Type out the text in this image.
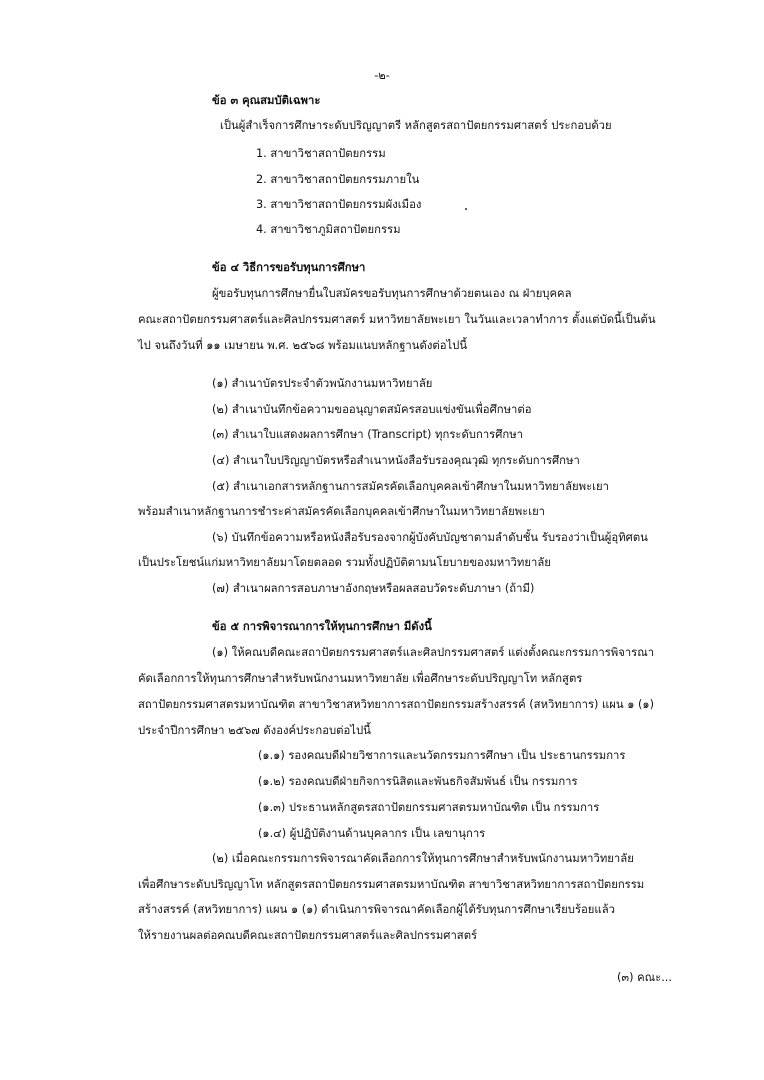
-๒-
ข้อ ๓ คุณสมบัติเฉพาะ
เป็นผู้สำเร็จการศึกษาระดับปริญญาตรี หลักสูตรสถาปัตยกรรมศาสตร์ ประกอบด้วย
1. สาขาวิชาสถาปัตยกรรม
2. สาขาวิชาสถาปัตยกรรมภายใน
3. สาขาวิชาสถาปัตยกรรมผังเมือง
4. สาขาวิชาภูมิสถาปัตยกรรม
ข้อ ๔ วิธีการขอรับทุนการศึกษา
ผู้ขอรับทุนการศึกษายื่นใบสมัครขอรับทุนการศึกษาด้วยตนเอง ณ ฝ่ายบุคคล
คณะสถาปัตยกรรมศาสตร์และศิลปกรรมศาสตร์ มหาวิทยาลัยพะเยา ในวันและเวลาทำการ ตั้งแต่บัดนี้เป็นต้น
ไป จนถึงวันที่ ๑๑ เมษายน พ.ศ. ๒๕๖๘ พร้อมแนบหลักฐานดังต่อไปนี้
(๑) สำเนาบัตรประจำตัวพนักงานมหาวิทยาลัย
(๒) สำเนาบันทึกข้อความขออนุญาตสมัครสอบแข่งขันเพื่อศึกษาต่อ
(๓) สำเนาใบแสดงผลการศึกษา (Transcript) ทุกระดับการศึกษา
(๔) สำเนาใบปริญญาบัตรหรือสำเนาหนังสือรับรองคุณวุฒิ ทุกระดับการศึกษา
(๕) สำเนาเอกสารหลักฐานการสมัครคัดเลือกบุคคลเข้าศึกษาในมหาวิทยาลัยพะเยา
พร้อมสำเนาหลักฐานการชำระค่าสมัครคัดเลือกบุคคลเข้าศึกษาในมหาวิทยาลัยพะเยา
(๖) บันทึกข้อความหรือหนังสือรับรองจากผู้บังคับบัญชาตามลำดับชั้น รับรองว่าเป็นผู้อุทิศตน
เป็นประโยชน์แก่มหาวิทยาลัยมาโดยตลอด รวมทั้งปฏิบัติตามนโยบายของมหาวิทยาลัย
(๗) สำเนาผลการสอบภาษาอังกฤษหรือผลสอบวัดระดับภาษา (ถ้ามี)
ข้อ ๕ การพิจารณาการให้ทุนการศึกษา มีดังนี้
(๑) ให้คณบดีคณะสถาปัตยกรรมศาสตร์และศิลปกรรมศาสตร์ แต่งตั้งคณะกรรมการพิจารณา
คัดเลือกการให้ทุนการศึกษาสำหรับพนักงานมหาวิทยาลัย เพื่อศึกษาระดับปริญญาโท หลักสูตร
สถาปัตยกรรมศาสตรมหาบัณฑิต สาขาวิชาสหวิทยาการสถาปัตยกรรมสร้างสรรค์ (สหวิทยาการ) แผน ๑ (๑)
ประจำปีการศึกษา ๒๕๖๗ ดังองค์ประกอบต่อไปนี้
(๑.๑) รองคณบดีฝ่ายวิชาการและนวัตกรรมการศึกษา เป็น ประธานกรรมการ
(๑.๒) รองคณบดีฝ่ายกิจการนิสิตและพันธกิจสัมพันธ์ เป็น กรรมการ
(๑.๓) ประธานหลักสูตรสถาปัตยกรรมศาสตรมหาบัณฑิต เป็น กรรมการ
(๑.๔) ผู้ปฏิบัติงานด้านบุคลากร เป็น เลขานุการ
(๒) เมื่อคณะกรรมการพิจารณาคัดเลือกการให้ทุนการศึกษาสำหรับพนักงานมหาวิทยาลัย
เพื่อศึกษาระดับปริญญาโท หลักสูตรสถาปัตยกรรมศาสตรมหาบัณฑิต สาขาวิชาสหวิทยาการสถาปัตยกรรม
สร้างสรรค์ (สหวิทยาการ) แผน ๑ (๑) ดำเนินการพิจารณาคัดเลือกผู้ได้รับทุนการศึกษาเรียบร้อยแล้ว
ให้รายงานผลต่อคณบดีคณะสถาปัตยกรรมศาสตร์และศิลปกรรมศาสตร์
(๓) คณะ...
